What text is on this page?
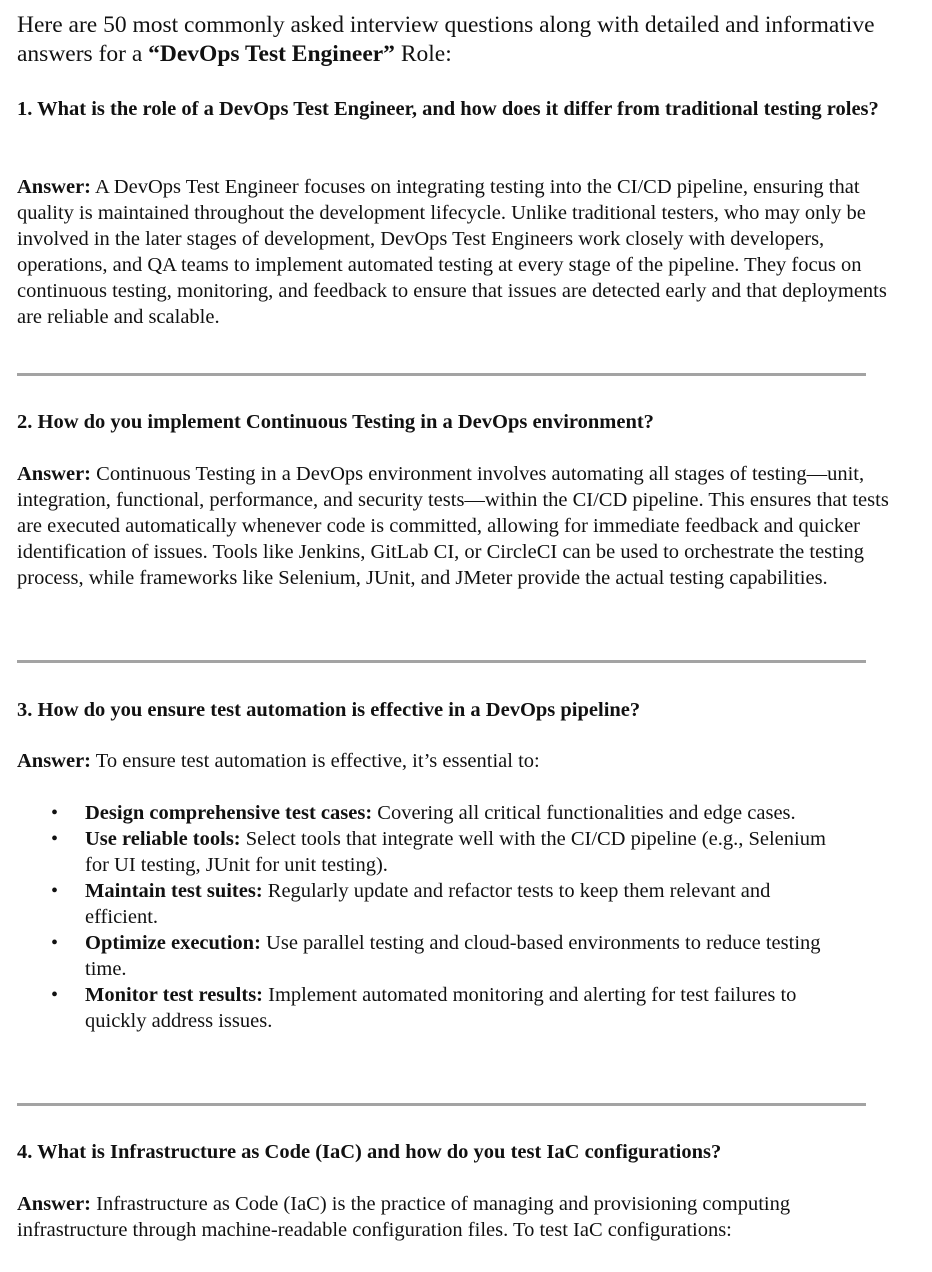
Here are 50 most commonly asked interview questions along with detailed and informative answers for a “DevOps Test Engineer” Role:

1. What is the role of a DevOps Test Engineer, and how does it differ from traditional testing roles?

Answer: A DevOps Test Engineer focuses on integrating testing into the CI/CD pipeline, ensuring that quality is maintained throughout the development lifecycle. Unlike traditional testers, who may only be involved in the later stages of development, DevOps Test Engineers work closely with developers, operations, and QA teams to implement automated testing at every stage of the pipeline. They focus on continuous testing, monitoring, and feedback to ensure that issues are detected early and that deployments are reliable and scalable.

2. How do you implement Continuous Testing in a DevOps environment?

Answer: Continuous Testing in a DevOps environment involves automating all stages of testing—unit, integration, functional, performance, and security tests—within the CI/CD pipeline. This ensures that tests are executed automatically whenever code is committed, allowing for immediate feedback and quicker identification of issues. Tools like Jenkins, GitLab CI, or CircleCI can be used to orchestrate the testing process, while frameworks like Selenium, JUnit, and JMeter provide the actual testing capabilities.

3. How do you ensure test automation is effective in a DevOps pipeline?

Answer: To ensure test automation is effective, it’s essential to:

• Design comprehensive test cases: Covering all critical functionalities and edge cases.
• Use reliable tools: Select tools that integrate well with the CI/CD pipeline (e.g., Selenium for UI testing, JUnit for unit testing).
• Maintain test suites: Regularly update and refactor tests to keep them relevant and efficient.
• Optimize execution: Use parallel testing and cloud-based environments to reduce testing time.
• Monitor test results: Implement automated monitoring and alerting for test failures to quickly address issues.
4. What is Infrastructure as Code (IaC) and how do you test IaC configurations?

Answer: Infrastructure as Code (IaC) is the practice of managing and provisioning computing infrastructure through machine-readable configuration files. To test IaC configurations:
